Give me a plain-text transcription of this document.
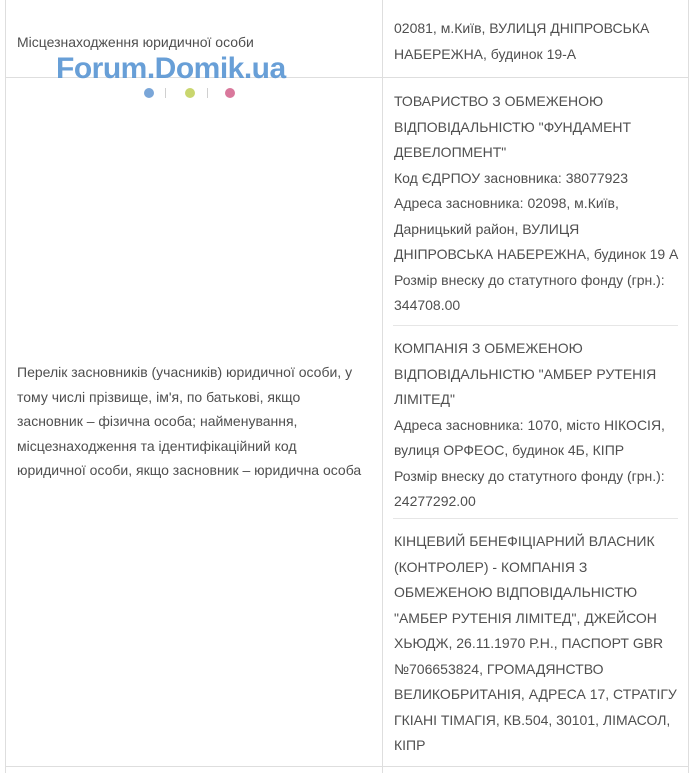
Місцезнаходження юридичної особи
02081, м.Київ, ВУЛИЦЯ ДНІПРОВСЬКА
НАБЕРЕЖНА, будинок 19-А
Перелік засновників (учасників) юридичної особи, у
тому числі прізвище, ім'я, по батькові, якщо
засновник – фізична особа; найменування,
місцезнаходження та ідентифікаційний код
юридичної особи, якщо засновник – юридична особа
ТОВАРИСТВО З ОБМЕЖЕНОЮ
ВІДПОВІДАЛЬНІСТЮ "ФУНДАМЕНТ
ДЕВЕЛОПМЕНТ"
Код ЄДРПОУ засновника: 38077923
Адреса засновника: 02098, м.Київ,
Дарницький район, ВУЛИЦЯ
ДНІПРОВСЬКА НАБЕРЕЖНА, будинок 19 А
Розмір внеску до статутного фонду (грн.):
344708.00
КОМПАНІЯ З ОБМЕЖЕНОЮ
ВІДПОВІДАЛЬНІСТЮ "АМБЕР РУТЕНІЯ
ЛІМІТЕД"
Адреса засновника: 1070, місто НІКОСІЯ,
вулиця ОРФЕОС, будинок 4Б, КІПР
Розмір внеску до статутного фонду (грн.):
24277292.00
КІНЦЕВИЙ БЕНЕФІЦІАРНИЙ ВЛАСНИК
(КОНТРОЛЕР) - КОМПАНІЯ З
ОБМЕЖЕНОЮ ВІДПОВІДАЛЬНІСТЮ
"АМБЕР РУТЕНІЯ ЛІМІТЕД", ДЖЕЙСОН
ХЬЮДЖ, 26.11.1970 Р.Н., ПАСПОРТ GBR
№706653824, ГРОМАДЯНСТВО
ВЕЛИКОБРИТАНІЯ, АДРЕСА 17, СТРАТІГУ
ГКІАНІ ТІМАГІЯ, КВ.504, 30101, ЛІМАСОЛ,
КІПР
Forum.Domik.ua
